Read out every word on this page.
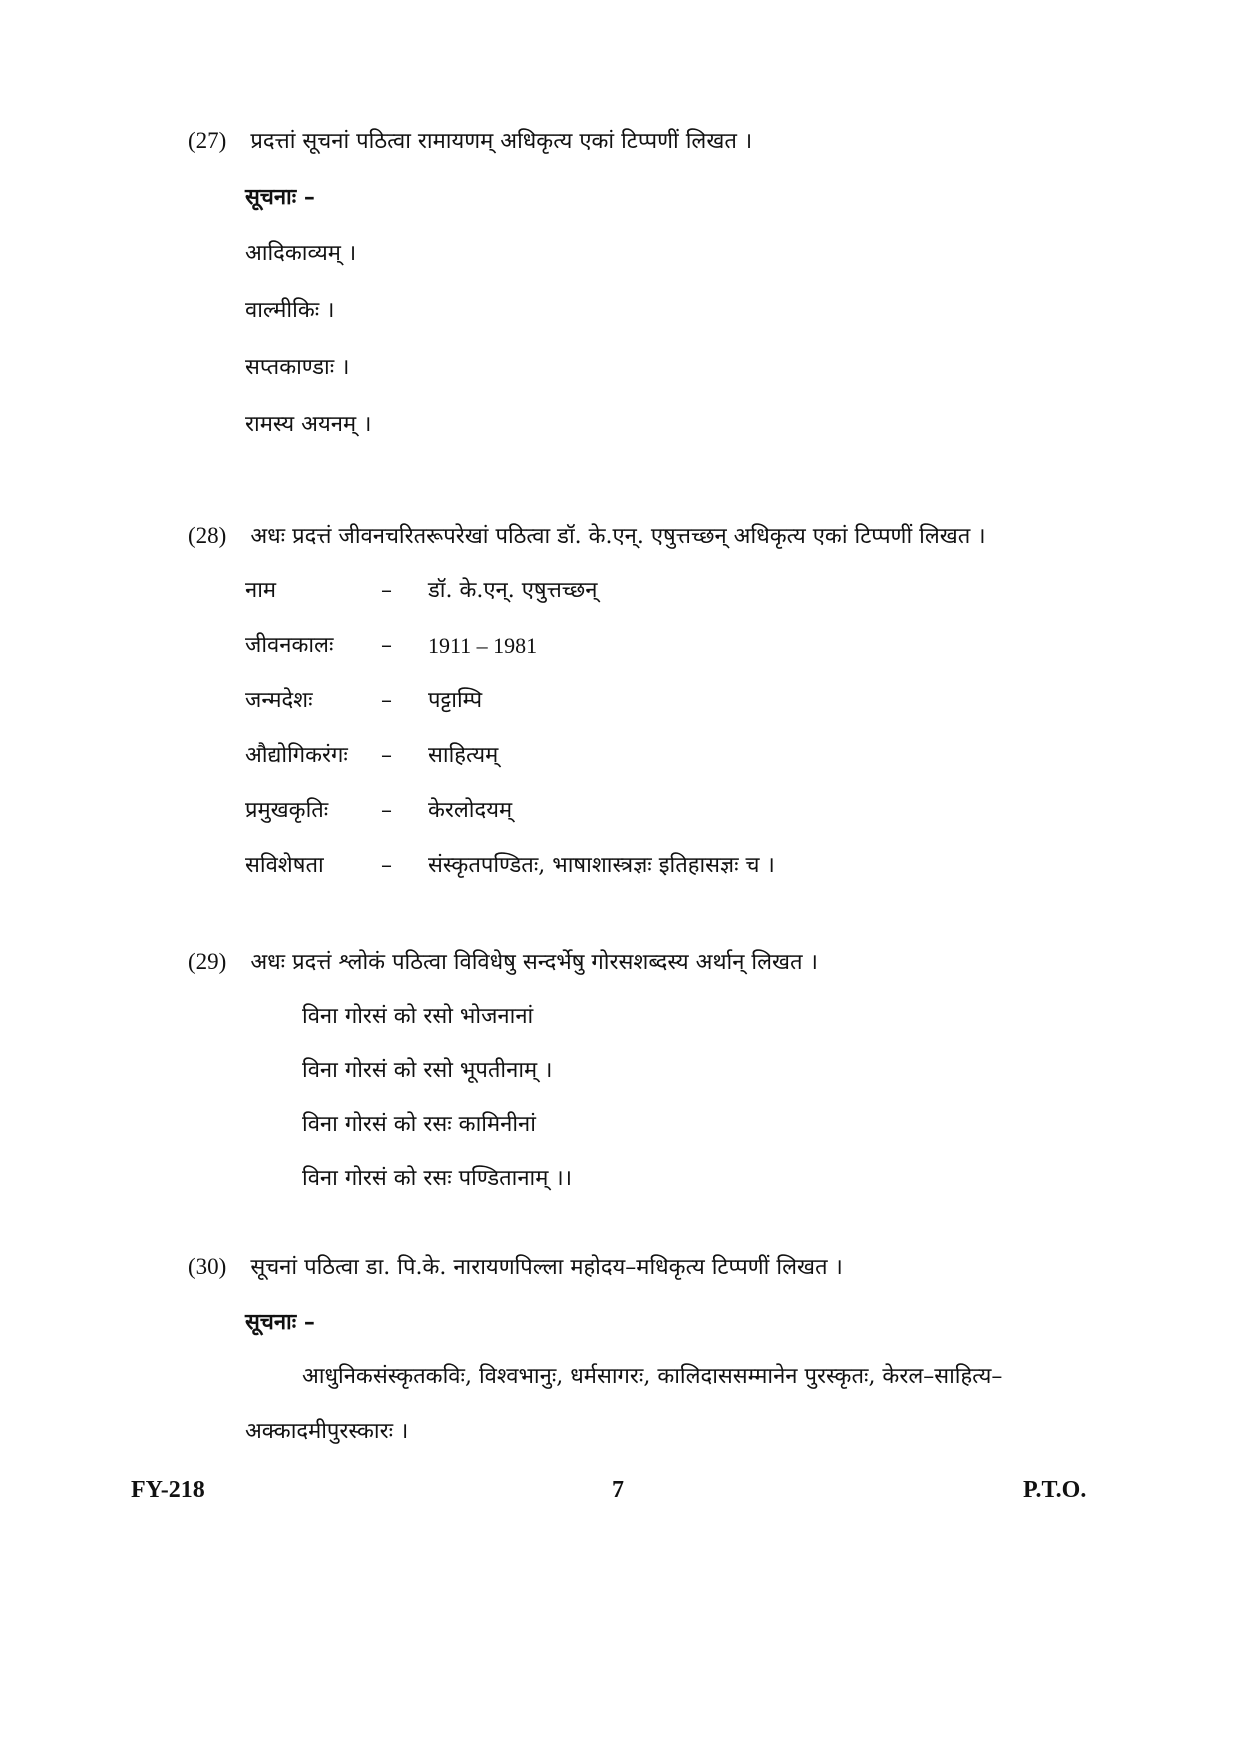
(27) प्रदत्तां सूचनां पठित्वा रामायणम् अधिकृत्य एकां टिप्पणीं लिखत ।
सूचनाः –
आदिकाव्यम् ।
वाल्मीकिः ।
सप्तकाण्डाः ।
रामस्य अयनम् ।
(28) अधः प्रदत्तं जीवनचरितरूपरेखां पठित्वा डॉ. के.एन्. एषुत्तच्छन् अधिकृत्य एकां टिप्पणीं लिखत ।
नाम	– डॉ. के.एन्. एषुत्तच्छन्
जीवनकालः – 1911 – 1981
जन्मदेशः	– पट्टाम्पि
औद्योगिकरंगः – साहित्यम्
प्रमुखकृतिः – केरलोदयम्
सविशेषता	– संस्कृतपण्डितः, भाषाशास्त्रज्ञः इतिहासज्ञः च ।
(29) अधः प्रदत्तं श्लोकं पठित्वा विविधेषु सन्दर्भेषु गोरसशब्दस्य अर्थान् लिखत ।
विना गोरसं को रसो भोजनानां
विना गोरसं को रसो भूपतीनाम् ।
विना गोरसं को रसः कामिनीनां
विना गोरसं को रसः पण्डितानाम् ।।
(30) सूचनां पठित्वा डा. पि.के. नारायणपिल्ला महोदय–मधिकृत्य टिप्पणीं लिखत ।
सूचनाः –
आधुनिकसंस्कृतकविः, विश्वभानुः, धर्मसागरः, कालिदाससम्मानेन पुरस्कृतः, केरल–साहित्य–
अक्कादमीपुरस्कारः ।
FY-218	7	P.T.O.
